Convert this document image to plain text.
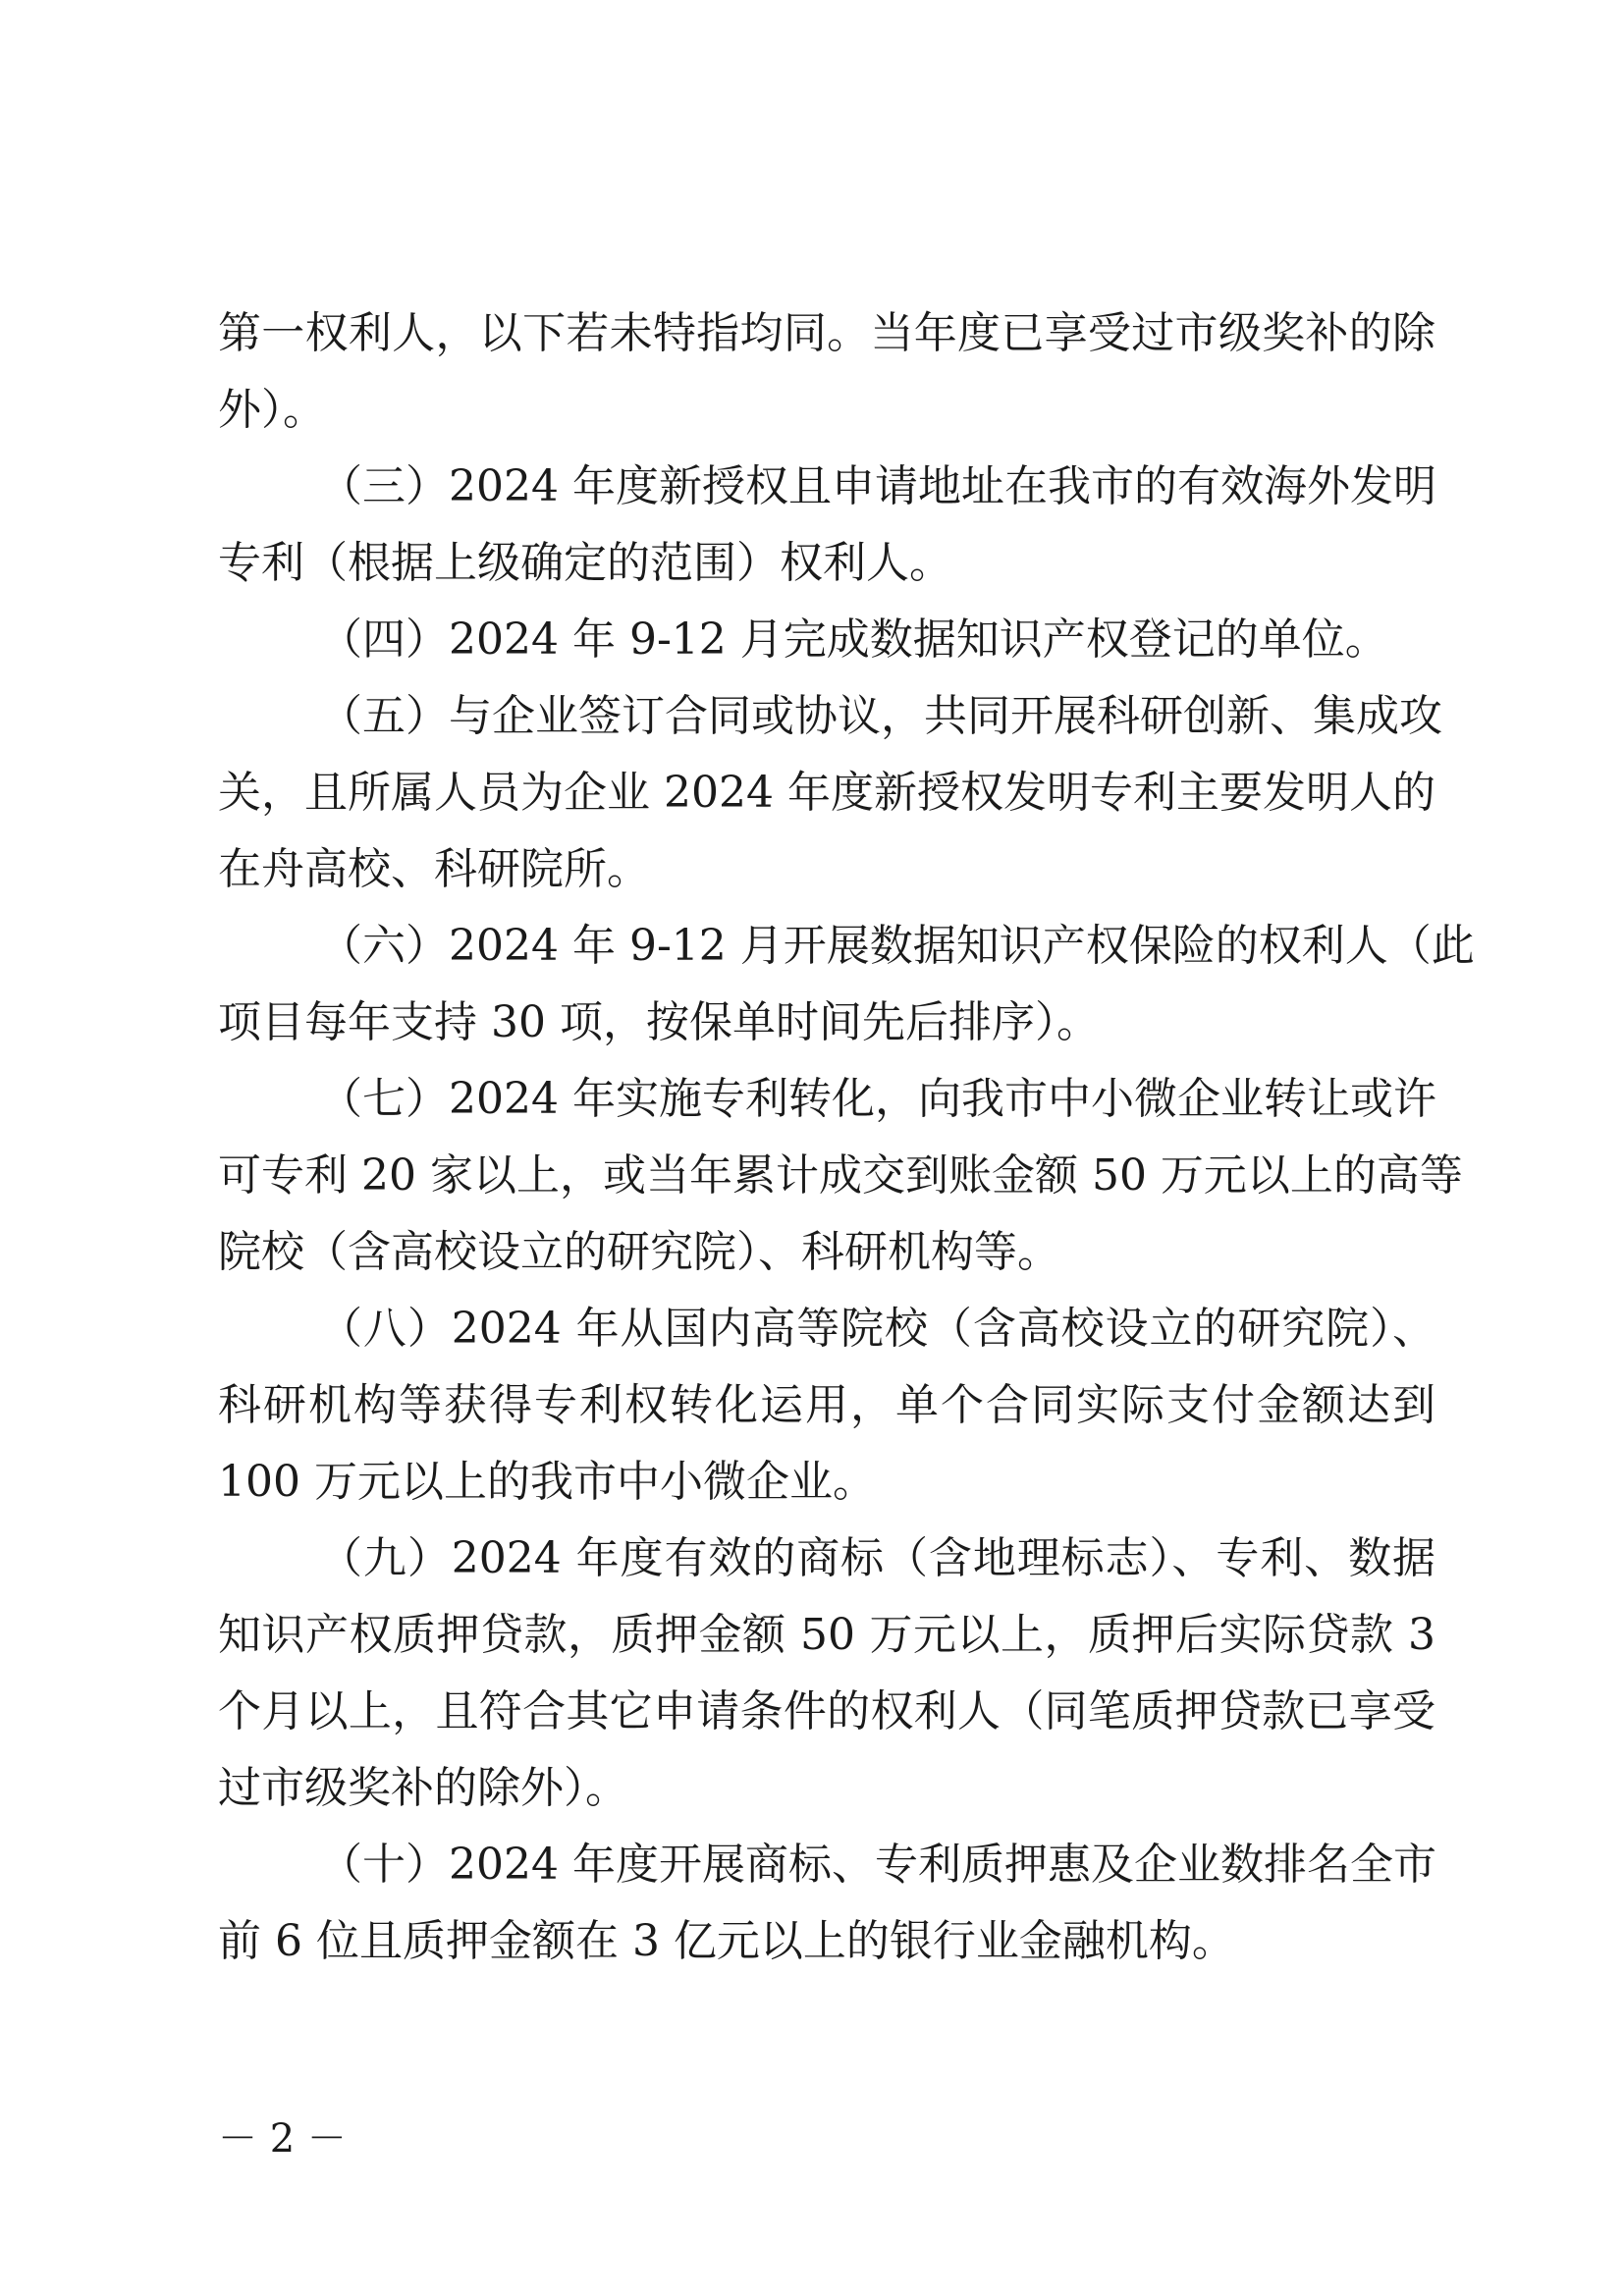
第一权利人，以下若未特指均同。当年度已享受过市级奖补的除
外）。
（三）2024 年度新授权且申请地址在我市的有效海外发明
专利（根据上级确定的范围）权利人。
（四）2024 年 9-12 月完成数据知识产权登记的单位。
（五）与企业签订合同或协议，共同开展科研创新、集成攻
关，且所属人员为企业 2024 年度新授权发明专利主要发明人的
在舟高校、科研院所。
（六）2024 年 9-12 月开展数据知识产权保险的权利人（此
项目每年支持 30 项，按保单时间先后排序）。
（七）2024 年实施专利转化，向我市中小微企业转让或许
可专利 20 家以上，或当年累计成交到账金额 50 万元以上的高等
院校（含高校设立的研究院）、科研机构等。
（八）2024 年从国内高等院校（含高校设立的研究院）、
科研机构等获得专利权转化运用，单个合同实际支付金额达到
100 万元以上的我市中小微企业。
（九）2024 年度有效的商标（含地理标志）、专利、数据
知识产权质押贷款，质押金额 50 万元以上，质押后实际贷款 3
个月以上，且符合其它申请条件的权利人（同笔质押贷款已享受
过市级奖补的除外）。
（十）2024 年度开展商标、专利质押惠及企业数排名全市
前 6 位且质押金额在 3 亿元以上的银行业金融机构。
－ 2 －
